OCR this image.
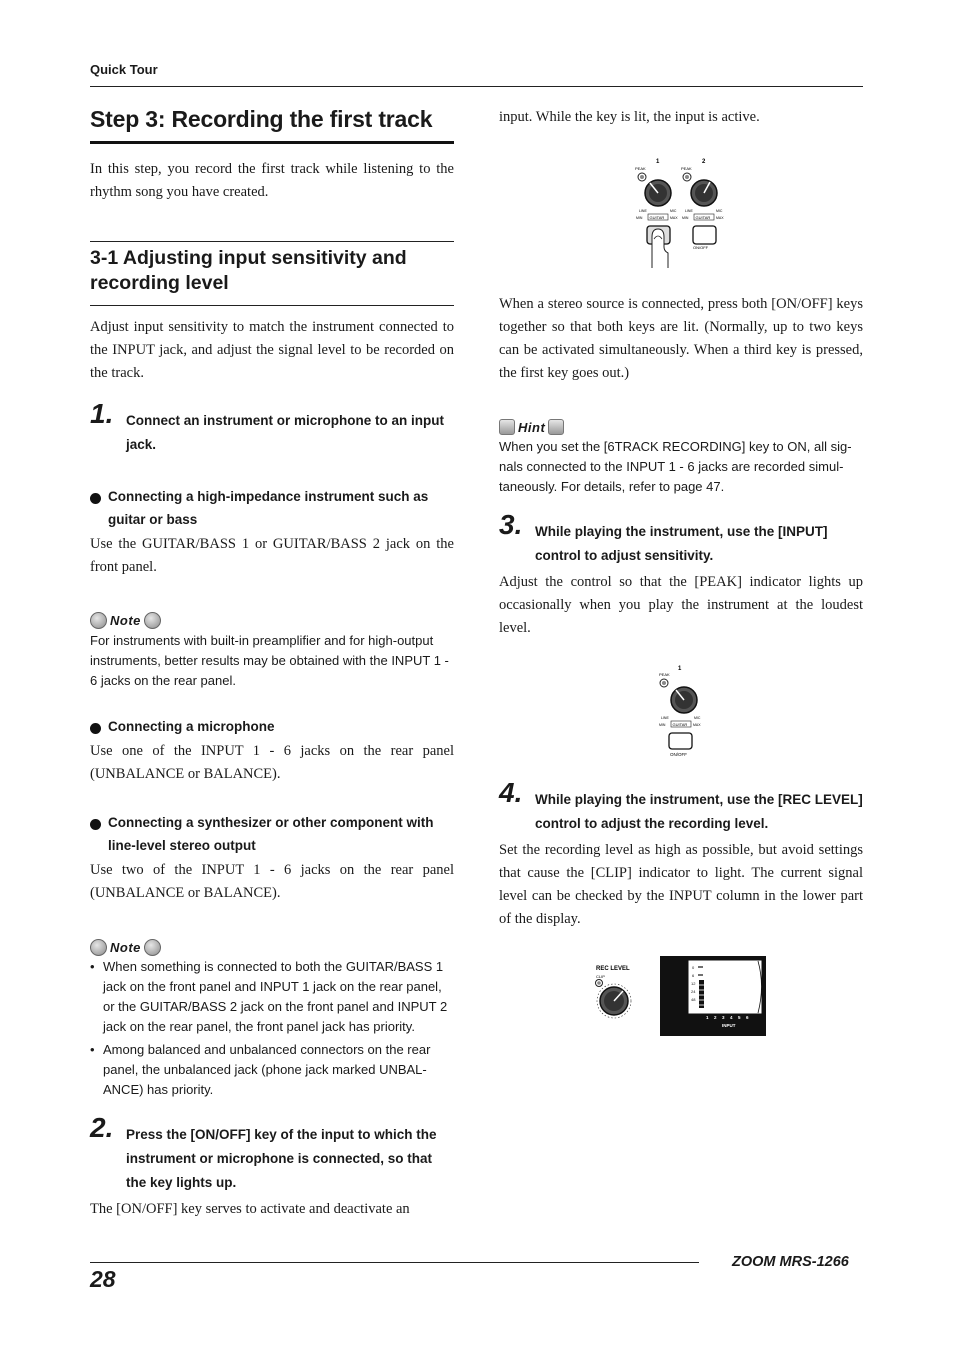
Quick Tour
Step 3: Recording the first track
In this step, you record the first track while listening to the rhythm song you have created.
3-1 Adjusting input sensitivity and recording level
Adjust input sensitivity to match the instrument connected to the INPUT jack, and adjust the signal level to be recorded on the track.
1. Connect an instrument or microphone to an input jack.
Connecting a high-impedance instrument such as guitar or bass
Use the GUITAR/BASS 1 or GUITAR/BASS 2 jack on the front panel.
Note
For instruments with built-in preamplifier and for high-output instruments, better results may be obtained with the INPUT 1 - 6 jacks on the rear panel.
Connecting a microphone
Use one of the INPUT 1 - 6 jacks on the rear panel (UNBALANCE or BALANCE).
Connecting a synthesizer or other component with line-level stereo output
Use two of the INPUT 1 - 6 jacks on the rear panel (UNBALANCE or BALANCE).
Note
• When something is connected to both the GUITAR/BASS 1 jack on the front panel and INPUT 1 jack on the rear panel, or the GUITAR/BASS 2 jack on the front panel and INPUT 2 jack on the rear panel, the front panel jack has priority.
• Among balanced and unbalanced connectors on the rear panel, the unbalanced jack (phone jack marked UNBAL-ANCE) has priority.
2. Press the [ON/OFF] key of the input to which the instrument or microphone is connected, so that the key lights up.
The [ON/OFF] key serves to activate and deactivate an
input. While the key is lit, the input is active.
1	2
PEAK	PEAK
LINE	MIC LINE	MIC
MIN GUITAR MAX MIN GUITAR MAX
ON/OFF
When a stereo source is connected, press both [ON/OFF] keys together so that both keys are lit. (Normally, up to two keys can be activated simultaneously. When a third key is pressed, the first key goes out.)
Hint
When you set the [6TRACK RECORDING] key to ON, all sig-nals connected to the INPUT 1 - 6 jacks are recorded simul-taneously. For details, refer to page 47.
3. While playing the instrument, use the [INPUT] control to adjust sensitivity.
Adjust the control so that the [PEAK] indicator lights up occasionally when you play the instrument at the loudest level.
1
PEAK
LINE	MIC
MIN GUITAR MAX
ON/OFF
4. While playing the instrument, use the [REC LEVEL] control to adjust the recording level.
Set the recording level as high as possible, but avoid settings that cause the [CLIP] indicator to light. The current signal level can be checked by the INPUT column in the lower part of the display.
REC LEVEL
CLIP
0
6
12
24
48
1 2 3 4 5 6
INPUT
28
ZOOM MRS-1266
